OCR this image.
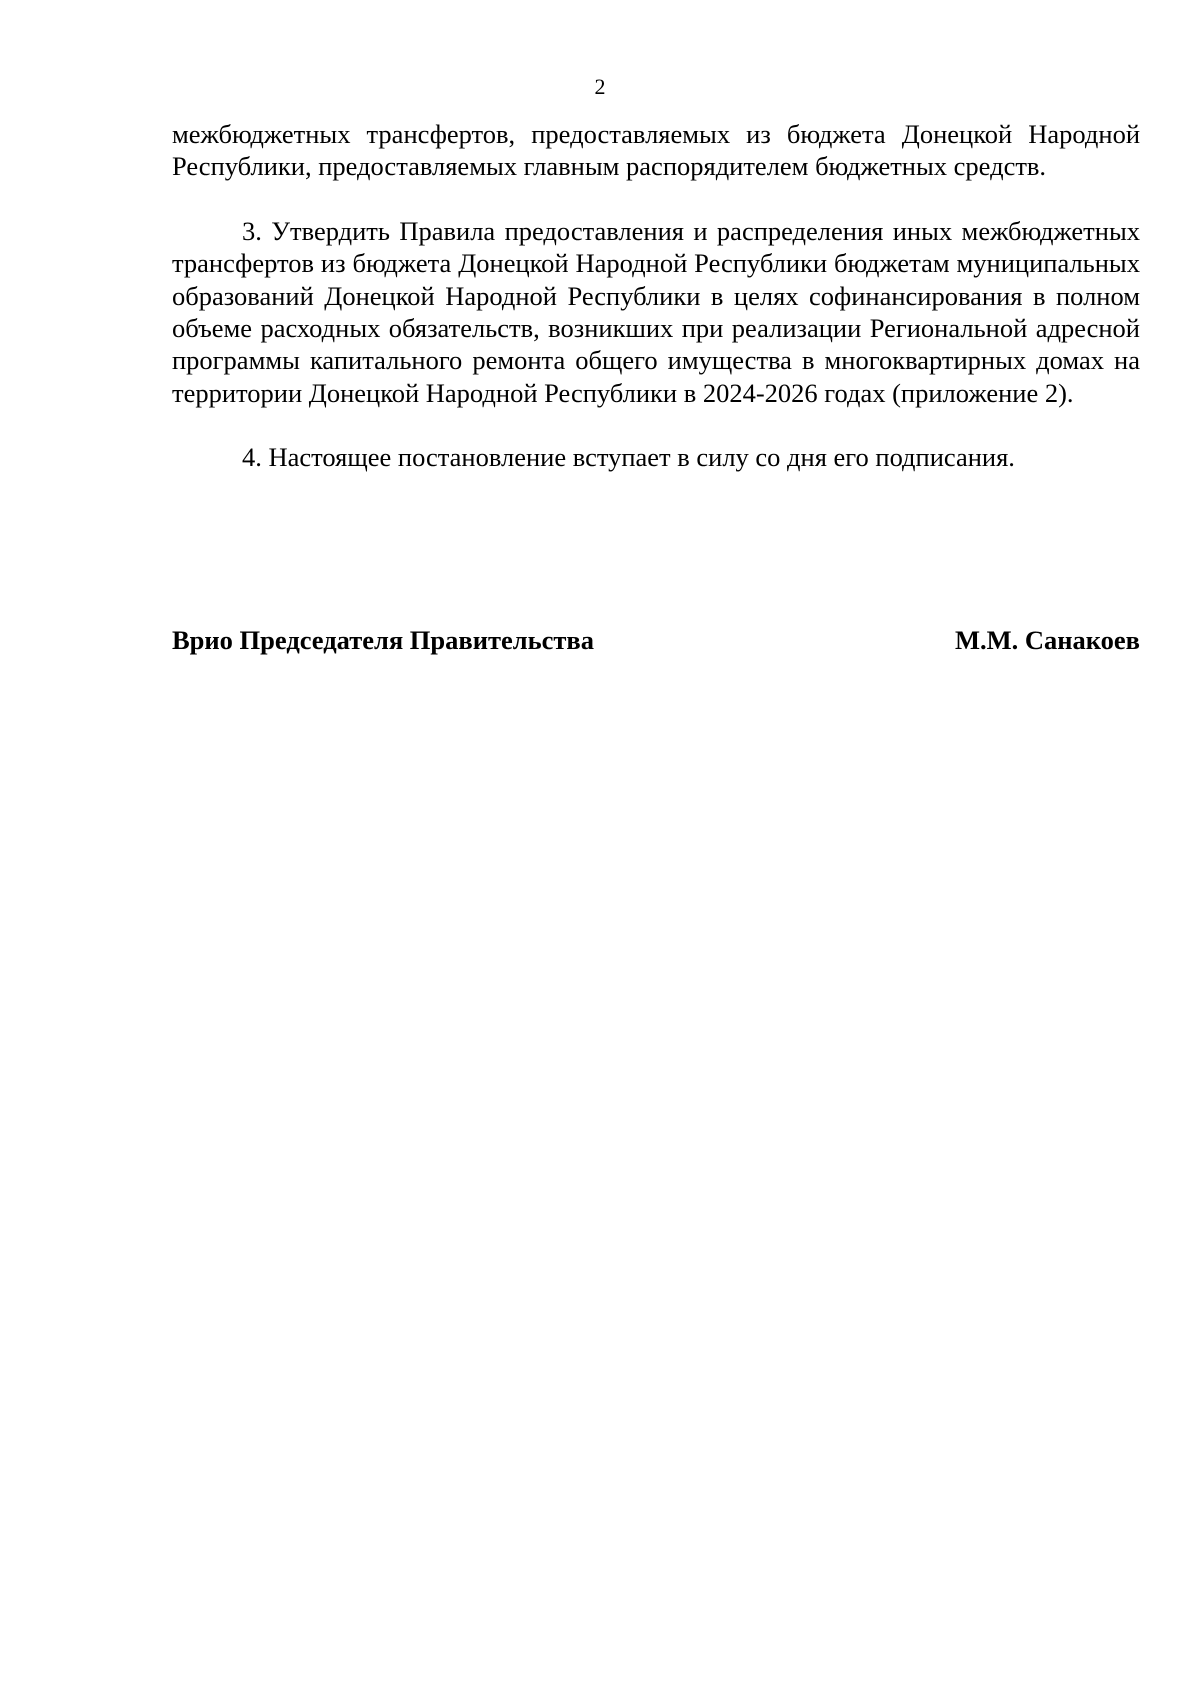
2

межбюджетных трансфертов, предоставляемых из бюджета Донецкой Народной Республики, предоставляемых главным распорядителем бюджетных средств.

3. Утвердить Правила предоставления и распределения иных межбюджетных трансфертов из бюджета Донецкой Народной Республики бюджетам муниципальных образований Донецкой Народной Республики в целях софинансирования в полном объеме расходных обязательств, возникших при реализации Региональной адресной программы капитального ремонта общего имущества в многоквартирных домах на территории Донецкой Народной Республики в 2024-2026 годах (приложение 2).

4. Настоящее постановление вступает в силу со дня его подписания.

Врио Председателя Правительства	М.М. Санакоев
